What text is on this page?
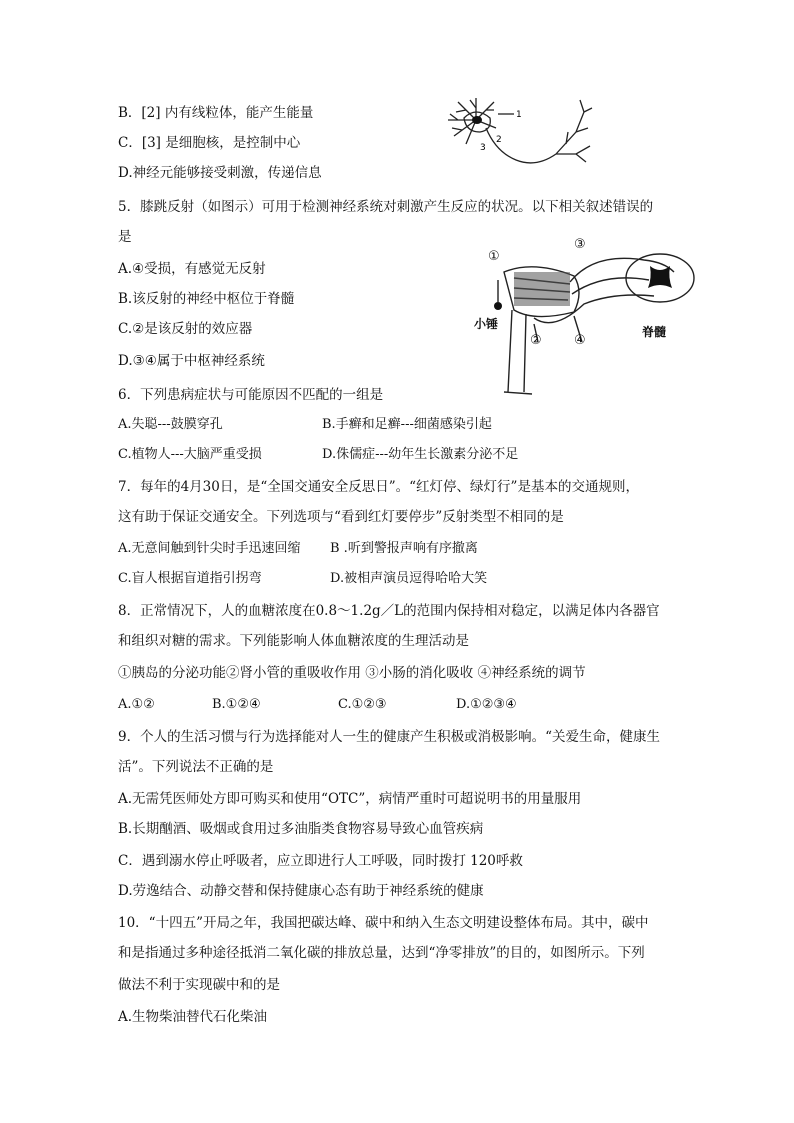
B．[2] 内有线粒体，能产生能量
C．[3] 是细胞核，是控制中心
D.神经元能够接受刺激，传递信息
1
2
3
5．膝跳反射（如图示）可用于检测神经系统对刺激产生反应的状况。以下相关叙述错误的
是
A.④受损，有感觉无反射
B.该反射的神经中枢位于脊髓
C.②是该反射的效应器
D.③④属于中枢神经系统
①
②
③
④
小锤
脊髓
6．下列患病症状与可能原因不匹配的一组是
A.失聪---鼓膜穿孔	B.手癣和足癣---细菌感染引起
C.植物人---大脑严重受损	D.侏儒症---幼年生长激素分泌不足
7．每年的4月30日，是“全国交通安全反思日”。“红灯停、绿灯行”是基本的交通规则，
这有助于保证交通安全。下列选项与“看到红灯要停步”反射类型不相同的是
A.无意间触到针尖时手迅速回缩 B .听到警报声响有序撤离
C.盲人根据盲道指引拐弯	D.被相声演员逗得哈哈大笑
8．正常情况下，人的血糖浓度在0.8～1.2g／L的范围内保持相对稳定，以满足体内各器官
和组织对糖的需求。下列能影响人体血糖浓度的生理活动是
①胰岛的分泌功能②肾小管的重吸收作用 ③小肠的消化吸收 ④神经系统的调节
A.①②	B.①②④	C.①②③	D.①②③④
9．个人的生活习惯与行为选择能对人一生的健康产生积极或消极影响。“关爱生命，健康生
活”。下列说法不正确的是
A.无需凭医师处方即可购买和使用“OTC”，病情严重时可超说明书的用量服用
B.长期酗酒、吸烟或食用过多油脂类食物容易导致心血管疾病
C．遇到溺水停止呼吸者，应立即进行人工呼吸，同时拨打 120呼救
D.劳逸结合、动静交替和保持健康心态有助于神经系统的健康
10．“十四五”开局之年，我国把碳达峰、碳中和纳入生态文明建设整体布局。其中，碳中
和是指通过多种途径抵消二氧化碳的排放总量，达到“净零排放”的目的，如图所示。下列
做法不利于实现碳中和的是
A.生物柴油替代石化柴油
